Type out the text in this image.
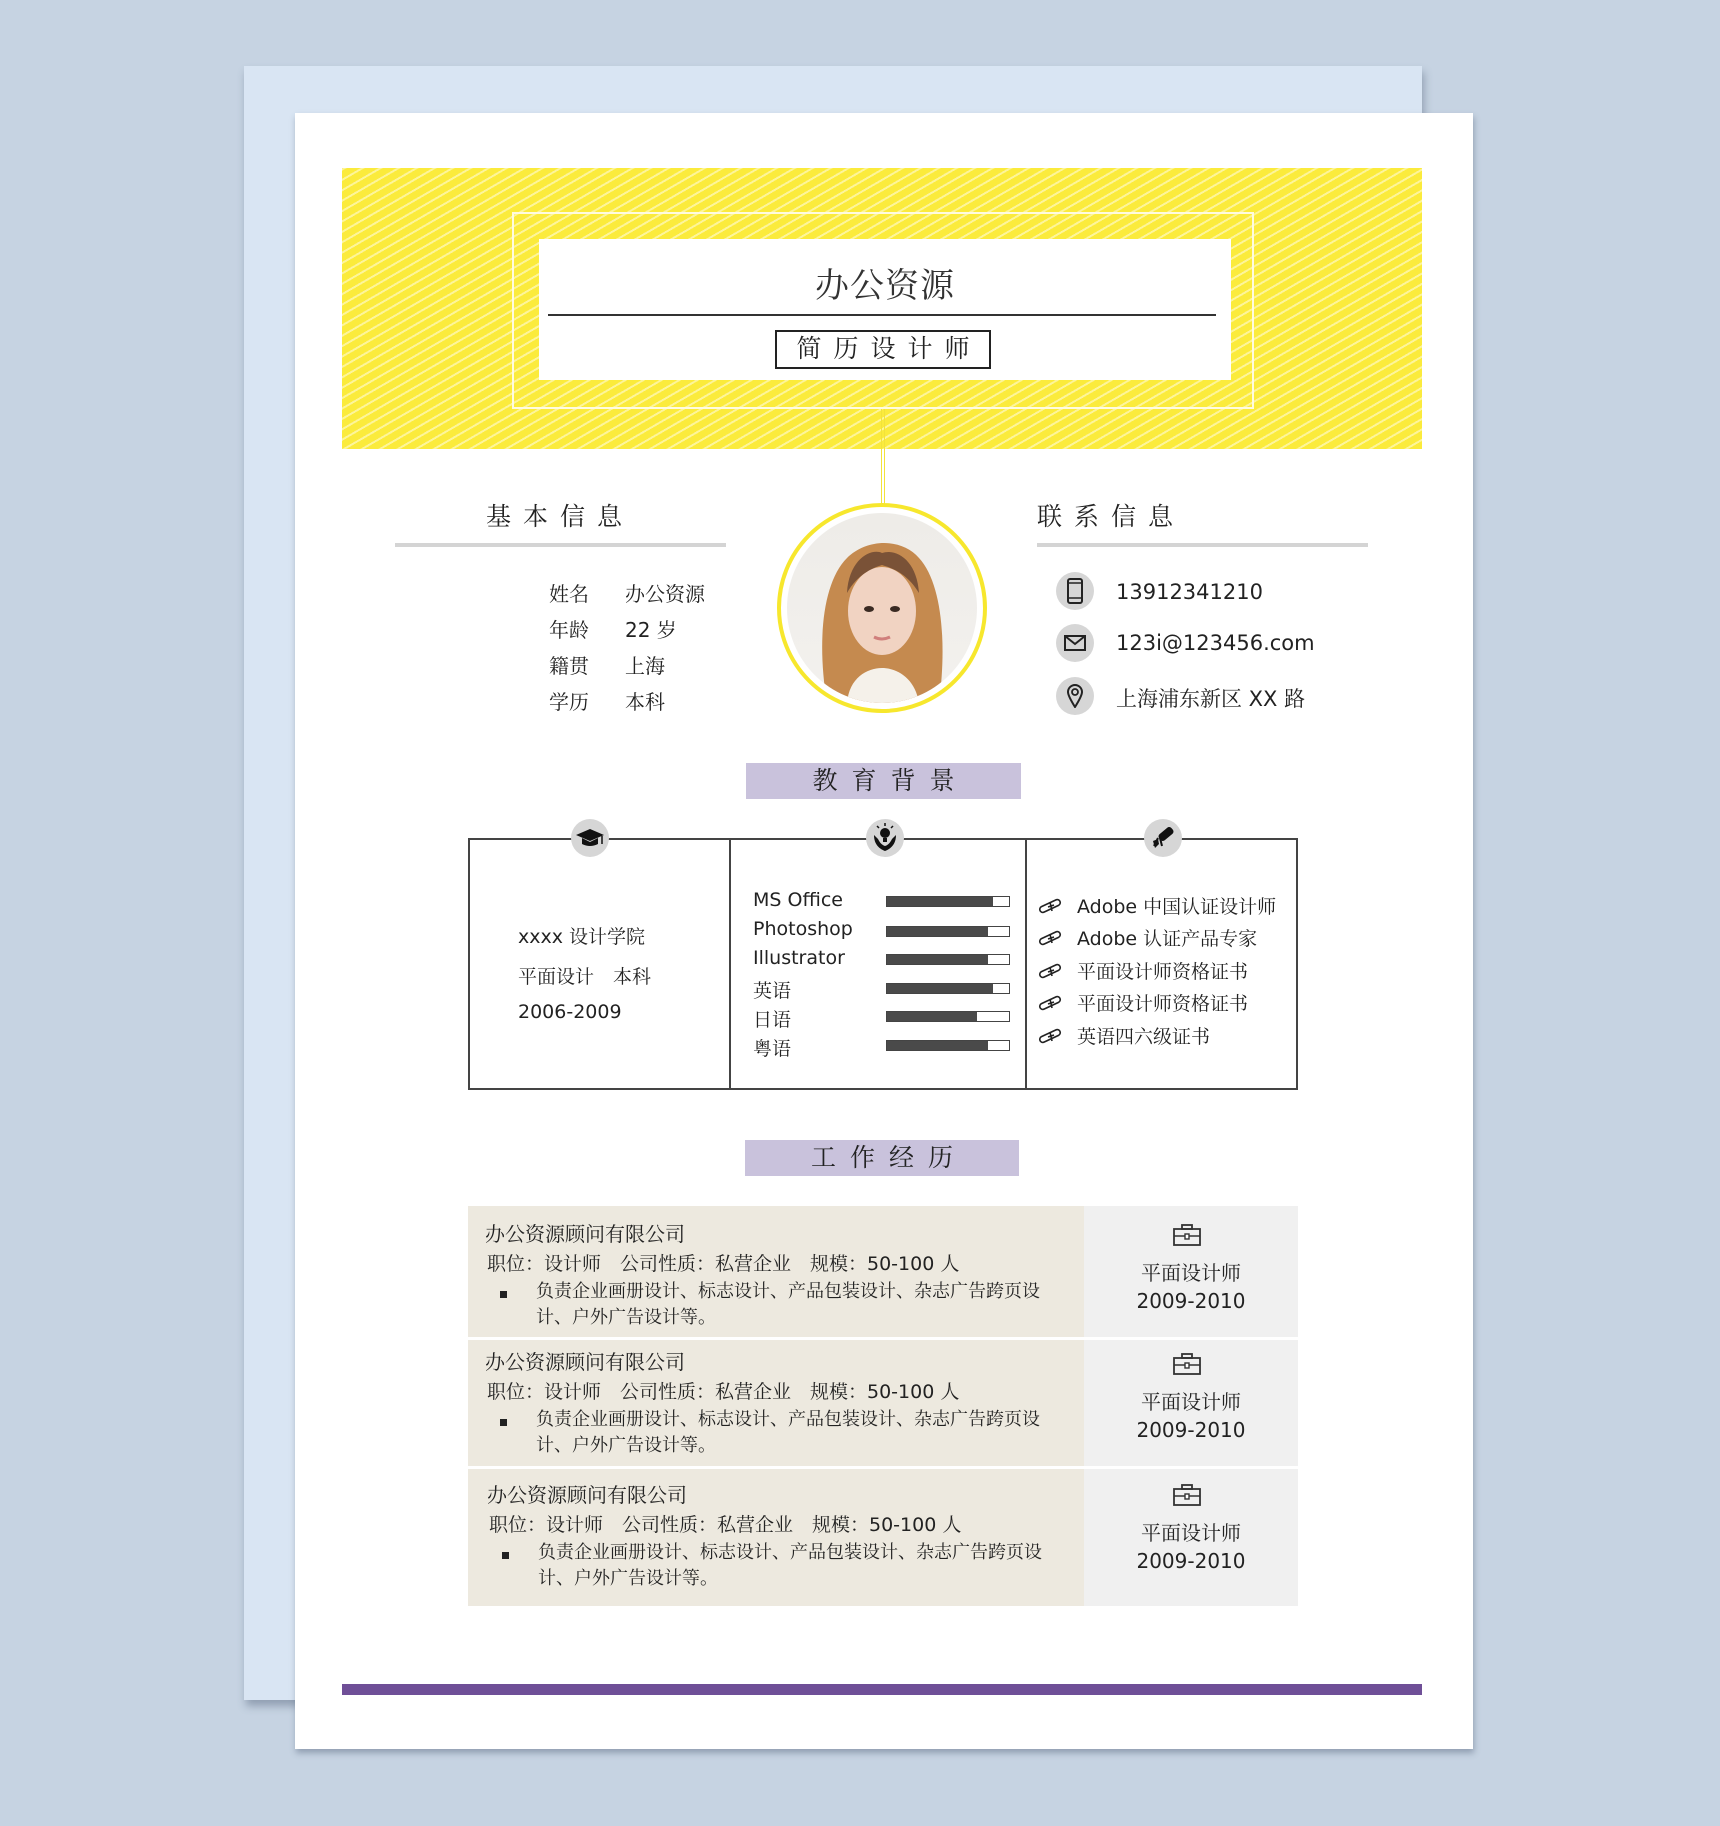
办公资源
简历设计师
基本信息
姓名	办公资源
年龄	22 岁
籍贯	上海
学历	本科
联系信息
13912341210
123i@123456.com
上海浦东新区 XX 路
教育背景
xxxx 设计学院
平面设计　本科
2006-2009
MS Office
Photoshop
Illustrator
英语
日语
粤语
Adobe 中国认证设计师
Adobe 认证产品专家
平面设计师资格证书
平面设计师资格证书
英语四六级证书
工作经历
办公资源顾问有限公司
职位：设计师　公司性质：私营企业　规模：50-100 人
负责企业画册设计、标志设计、产品包装设计、杂志广告跨页设计、户外广告设计等。
平面设计师
2009-2010
办公资源顾问有限公司
职位：设计师　公司性质：私营企业　规模：50-100 人
负责企业画册设计、标志设计、产品包装设计、杂志广告跨页设计、户外广告设计等。
平面设计师
2009-2010
办公资源顾问有限公司
职位：设计师　公司性质：私营企业　规模：50-100 人
负责企业画册设计、标志设计、产品包装设计、杂志广告跨页设计、户外广告设计等。
平面设计师
2009-2010
